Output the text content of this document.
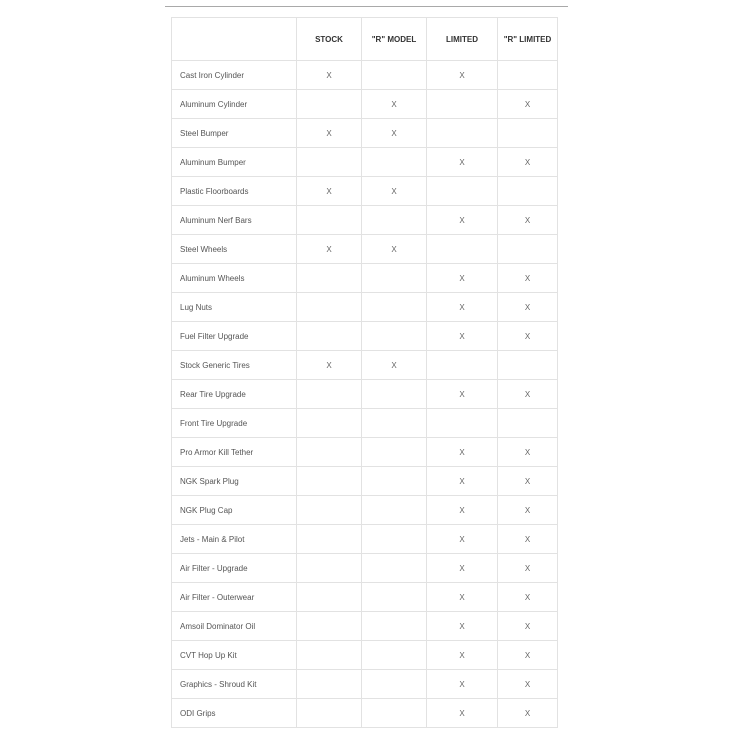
	STOCK	"R" MODEL	LIMITED	"R" LIMITED
Cast Iron Cylinder	X		X	
Aluminum Cylinder		X		X
Steel Bumper	X	X		
Aluminum Bumper			X	X
Plastic Floorboards	X	X		
Aluminum Nerf Bars			X	X
Steel Wheels	X	X		
Aluminum Wheels			X	X
Lug Nuts			X	X
Fuel Filter Upgrade			X	X
Stock Generic Tires	X	X		
Rear Tire Upgrade			X	X
Front Tire Upgrade				
Pro Armor Kill Tether			X	X
NGK Spark Plug			X	X
NGK Plug Cap			X	X
Jets - Main & Pilot			X	X
Air Filter - Upgrade			X	X
Air Filter - Outerwear			X	X
Amsoil Dominator Oil			X	X
CVT Hop Up Kit			X	X
Graphics - Shroud Kit			X	X
ODI Grips			X	X
